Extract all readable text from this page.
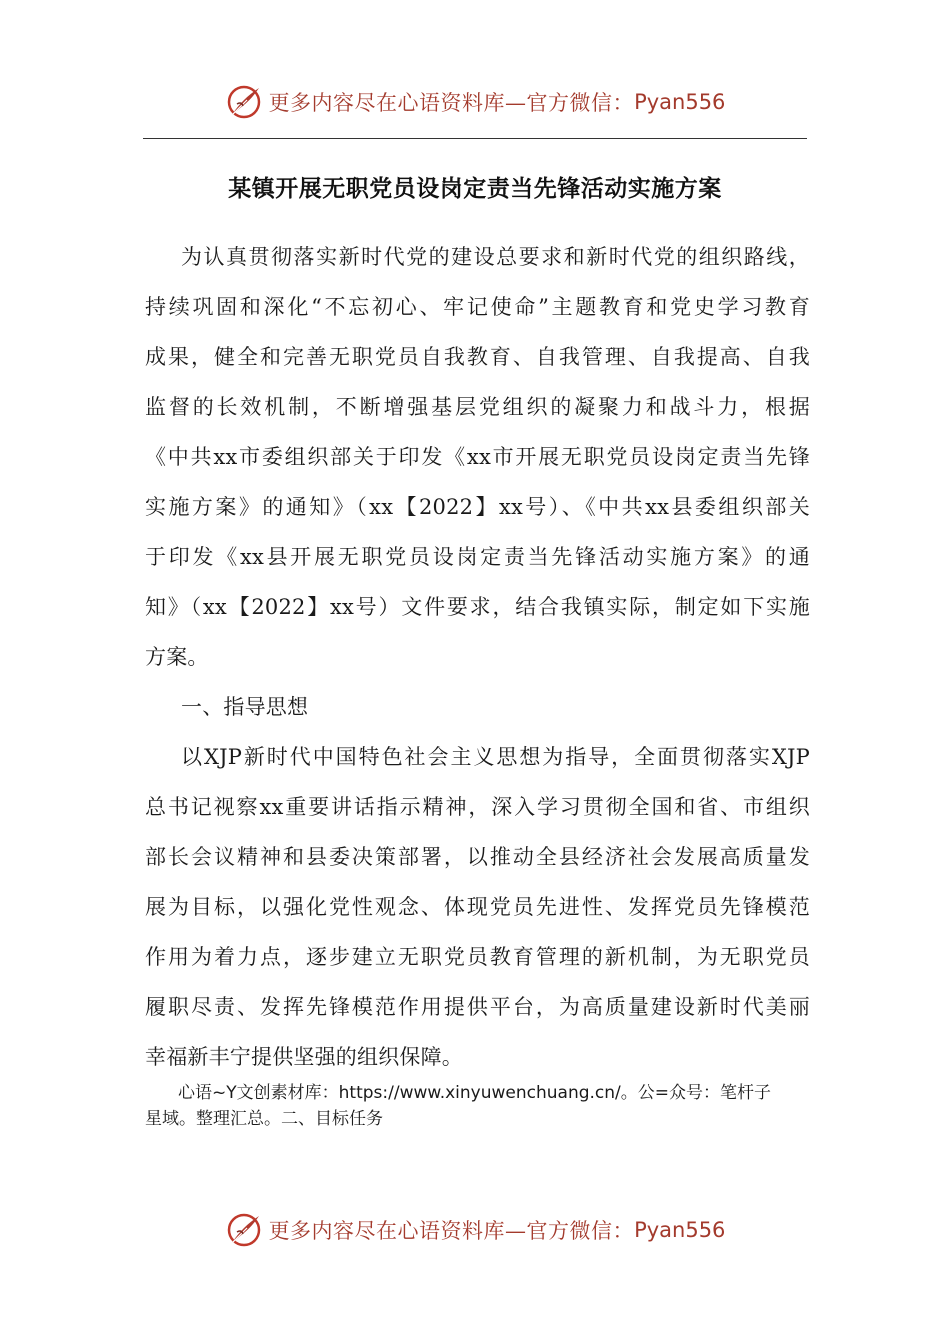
更多内容尽在心语资料库—官方微信： Pyan556
某镇开展无职党员设岗定责当先锋活动实施方案
为认真贯彻落实新时代党的建设总要求和新时代党的组织路线，
持续巩固和深化“不忘初心、牢记使命”主题教育和党史学习教育
成果，健全和完善无职党员自我教育、自我管理、自我提高、自我
监督的长效机制，不断增强基层党组织的凝聚力和战斗力，根据
《中共xx市委组织部关于印发《xx市开展无职党员设岗定责当先锋
实施方案》的通知》（xx【2022】xx号）、《中共xx县委组织部关
于印发《xx县开展无职党员设岗定责当先锋活动实施方案》的通
知》（xx【2022】xx号）文件要求，结合我镇实际，制定如下实施
方案。
一、指导思想
以XJP新时代中国特色社会主义思想为指导，全面贯彻落实XJP
总书记视察xx重要讲话指示精神，深入学习贯彻全国和省、市组织
部长会议精神和县委决策部署，以推动全县经济社会发展高质量发
展为目标，以强化党性观念、体现党员先进性、发挥党员先锋模范
作用为着力点，逐步建立无职党员教育管理的新机制，为无职党员
履职尽责、发挥先锋模范作用提供平台，为高质量建设新时代美丽
幸福新丰宁提供坚强的组织保障。
心语~Y文创素材库：https://www.xinyuwenchuang.cn/。公=众号：笔杆子
星域。整理汇总。二、目标任务
更多内容尽在心语资料库—官方微信： Pyan556
